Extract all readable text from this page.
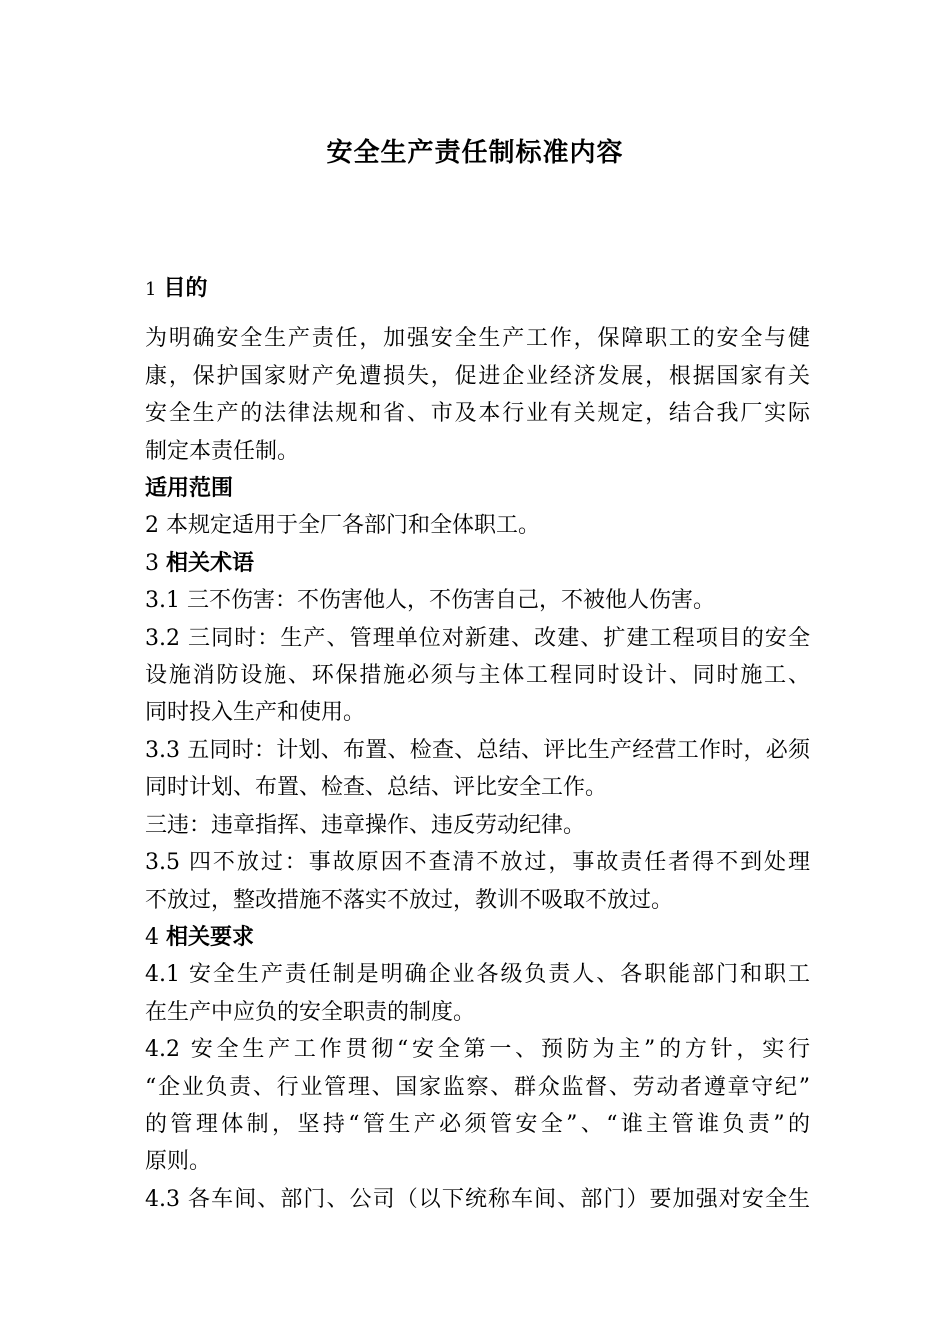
安全生产责任制标准内容
1 目的
为明确安全生产责任，加强安全生产工作，保障职工的安全与健
康，保护国家财产免遭损失，促进企业经济发展，根据国家有关
安全生产的法律法规和省、市及本行业有关规定，结合我厂实际
制定本责任制。
适用范围
2 本规定适用于全厂各部门和全体职工。
3 相关术语
3.1 三不伤害：不伤害他人，不伤害自己，不被他人伤害。
3.2 三同时：生产、管理单位对新建、改建、扩建工程项目的安全
设施消防设施、环保措施必须与主体工程同时设计、同时施工、
同时投入生产和使用。
3.3 五同时：计划、布置、检查、总结、评比生产经营工作时，必须
同时计划、布置、检查、总结、评比安全工作。
三违：违章指挥、违章操作、违反劳动纪律。
3.5 四不放过：事故原因不查清不放过，事故责任者得不到处理
不放过，整改措施不落实不放过，教训不吸取不放过。
4 相关要求
4.1 安全生产责任制是明确企业各级负责人、各职能部门和职工
在生产中应负的安全职责的制度。
4.2 安全生产工作贯彻“安全第一、预防为主”的方针，实行
“企业负责、行业管理、国家监察、群众监督、劳动者遵章守纪”
的管理体制，坚持“管生产必须管安全”、“谁主管谁负责”的
原则。
4.3 各车间、部门、公司（以下统称车间、部门）要加强对安全生
